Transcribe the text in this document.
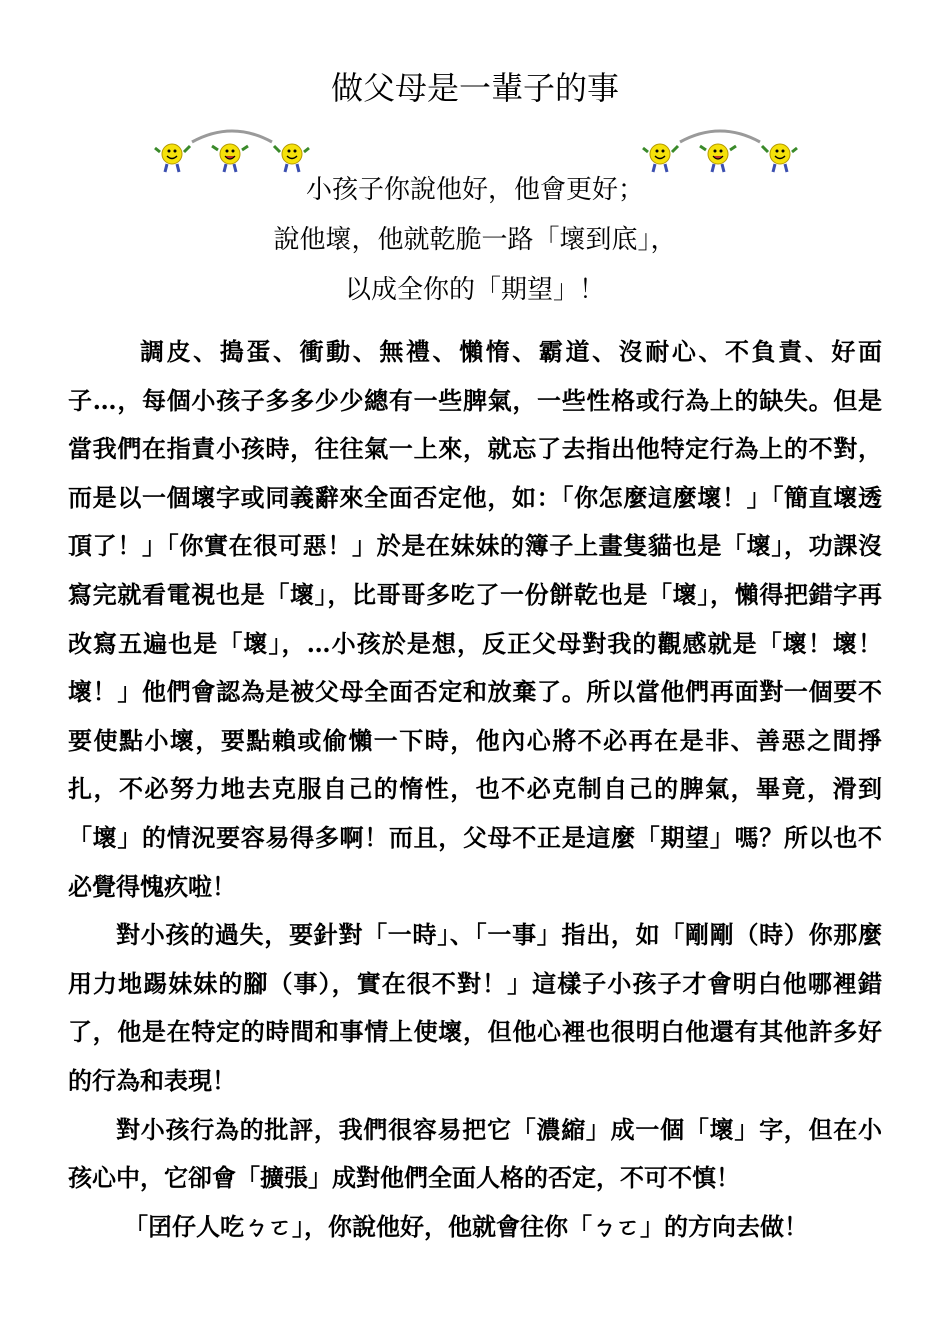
做父母是一輩子的事

小孩子你說他好，他會更好；

說他壞，他就乾脆一路「壞到底」，

以成全你的「期望」！

調皮、搗蛋、衝動、無禮、懶惰、霸道、沒耐心、不負責、好面子…，每個小孩子多多少少總有一些脾氣，一些性格或行為上的缺失。但是當我們在指責小孩時，往往氣一上來，就忘了去指出他特定行為上的不對，而是以一個壞字或同義辭來全面否定他，如：「你怎麼這麼壞！」「簡直壞透頂了！」「你實在很可惡！」於是在妹妹的簿子上畫隻貓也是「壞」，功課沒寫完就看電視也是「壞」，比哥哥多吃了一份餅乾也是「壞」，懶得把錯字再改寫五遍也是「壞」，…小孩於是想，反正父母對我的觀感就是「壞！壞！壞！」他們會認為是被父母全面否定和放棄了。所以當他們再面對一個要不要使點小壞，要點賴或偷懶一下時，他內心將不必再在是非、善惡之間掙扎，不必努力地去克服自己的惰性，也不必克制自己的脾氣，畢竟，滑到「壞」的情況要容易得多啊！而且，父母不正是這麼「期望」嗎？所以也不必覺得愧疚啦！

對小孩的過失，要針對「一時」、「一事」指出，如「剛剛（時）你那麼用力地踢妹妹的腳（事），實在很不對！」這樣子小孩子才會明白他哪裡錯了，他是在特定的時間和事情上使壞，但他心裡也很明白他還有其他許多好的行為和表現！

對小孩行為的批評，我們很容易把它「濃縮」成一個「壞」字，但在小孩心中，它卻會「擴張」成對他們全面人格的否定，不可不慎！

「囝仔人吃ㄅㄛ」，你說他好，他就會往你「ㄅㄛ」的方向去做！
